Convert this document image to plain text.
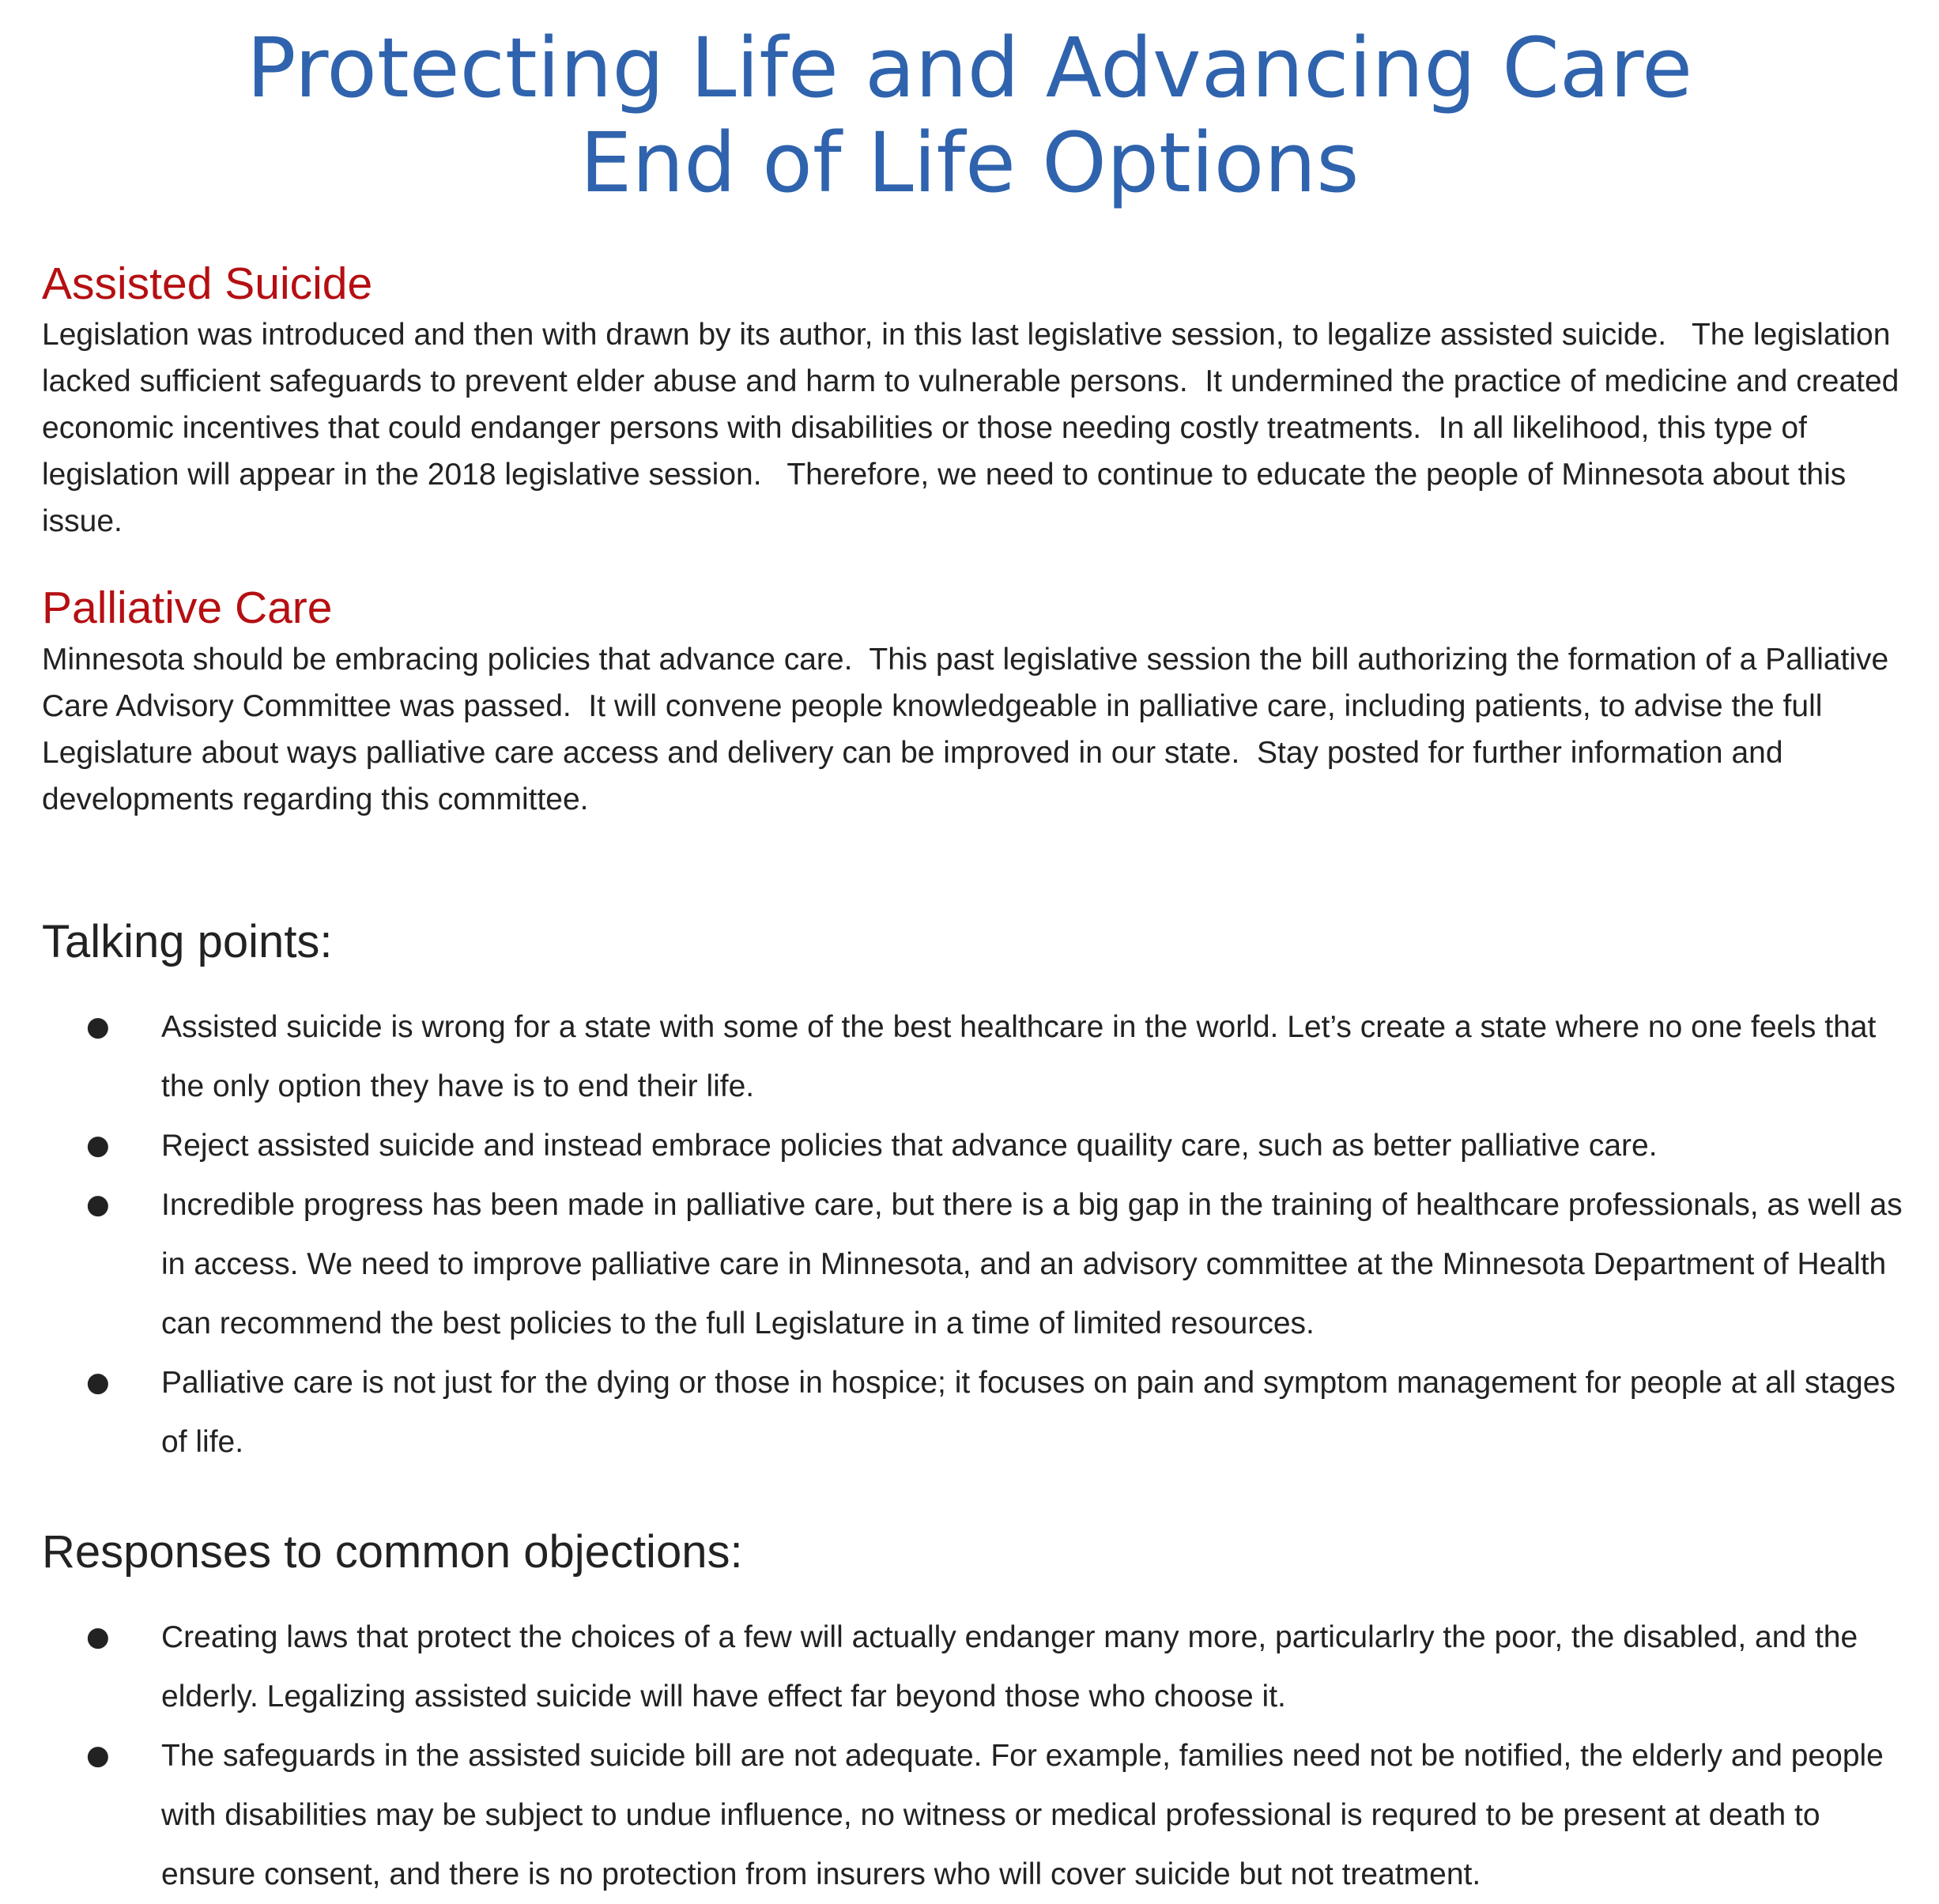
Protecting Life and Advancing Care
End of Life Options
Assisted Suicide

Legislation was introduced and then with drawn by its author, in this last legislative session, to legalize assisted suicide.   The legislation lacked sufficient safeguards to prevent elder abuse and harm to vulnerable persons.  It undermined the practice of medicine and created economic incentives that could endanger persons with disabilities or those needing costly treatments.  In all likelihood, this type of legislation will appear in the 2018 legislative session.   Therefore, we need to continue to educate the people of Minnesota about this issue.

Palliative Care

Minnesota should be embracing policies that advance care.  This past legislative session the bill authorizing the formation of a Palliative Care Advisory Committee was passed.  It will convene people knowledgeable in palliative care, including patients, to advise the full Legislature about ways palliative care access and delivery can be improved in our state.  Stay posted for further information and developments regarding this committee.

Talking points:
● Assisted suicide is wrong for a state with some of the best healthcare in the world. Let’s create a state where no one feels that the only option they have is to end their life.
● Reject assisted suicide and instead embrace policies that advance quaility care, such as better palliative care.
● Incredible progress has been made in palliative care, but there is a big gap in the training of healthcare professionals, as well as in access. We need to improve palliative care in Minnesota, and an advisory committee at the Minnesota Department of Health can recommend the best policies to the full Legislature in a time of limited resources.
● Palliative care is not just for the dying or those in hospice; it focuses on pain and symptom management for people at all stages of life.
Responses to common objections:
● Creating laws that protect the choices of a few will actually endanger many more, particularlry the poor, the disabled, and the elderly. Legalizing assisted suicide will have effect far beyond those who choose it.
● The safeguards in the assisted suicide bill are not adequate. For example, families need not be notified, the elderly and people with disabilities may be subject to undue influence, no witness or medical professional is requred to be present at death to ensure consent, and there is no protection from insurers who will cover suicide but not treatment.
